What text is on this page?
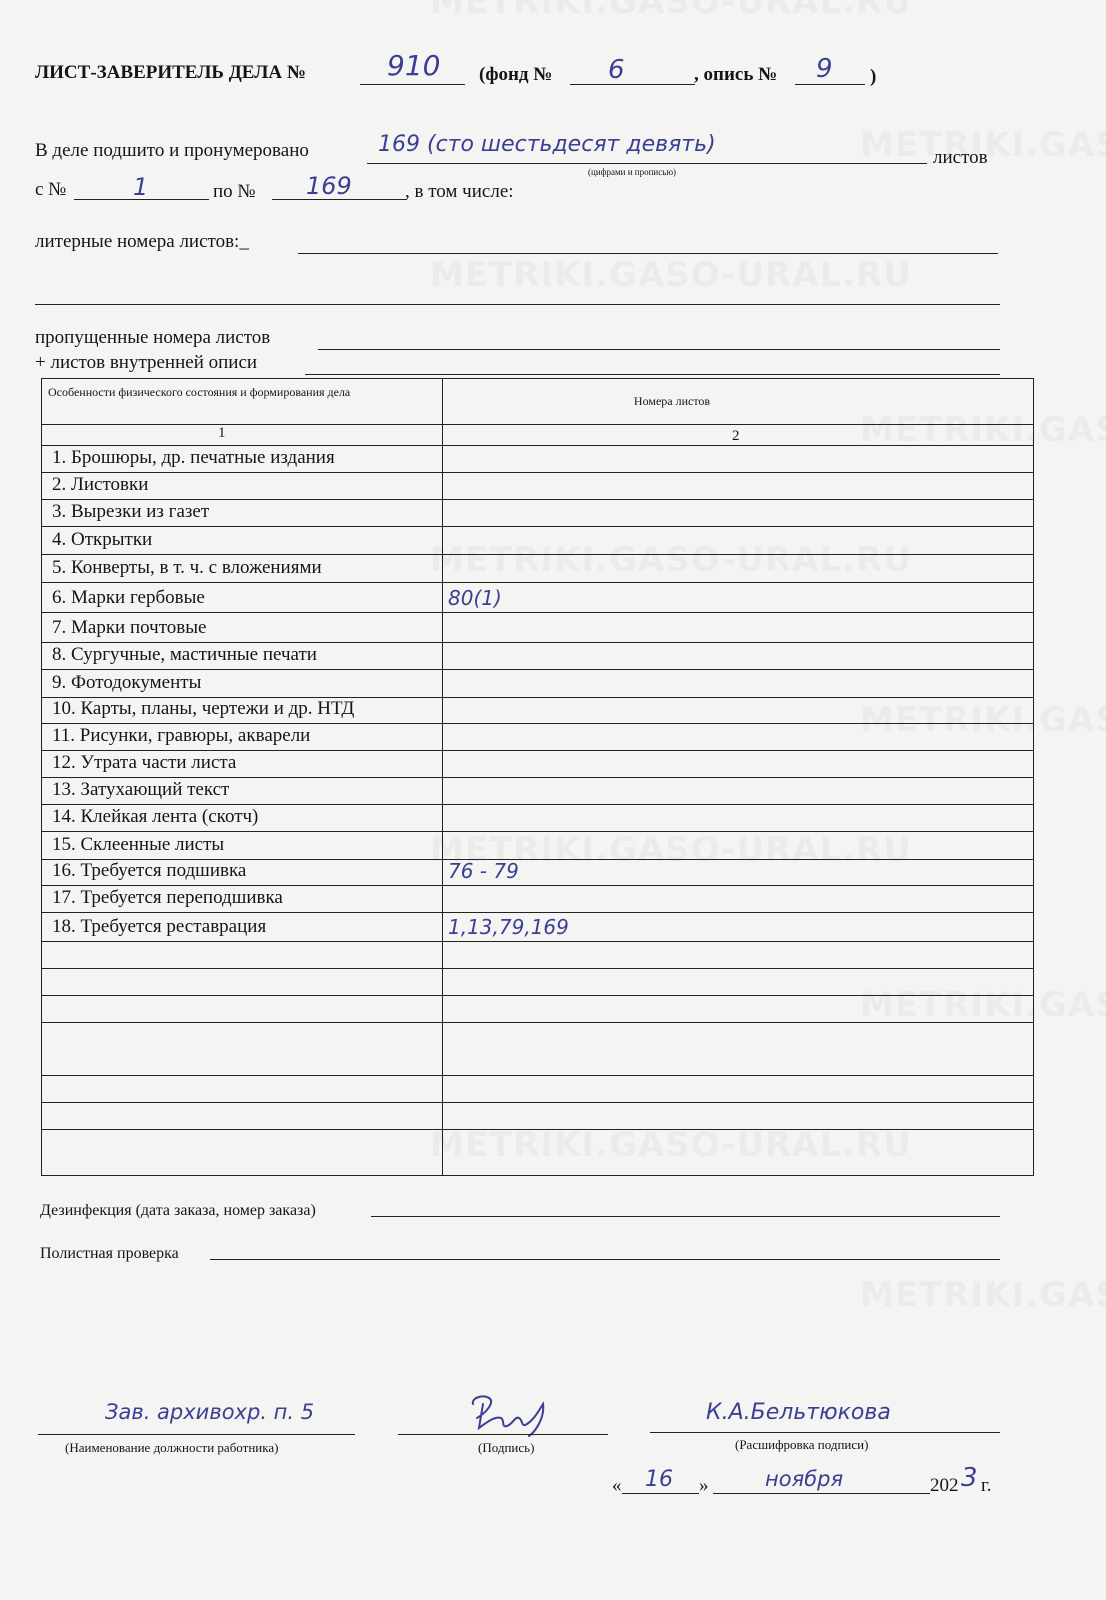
ЛИСТ-ЗАВЕРИТЕЛЬ ДЕЛА №	910 (фонд № 6	, опись № 9 )
В деле подшито и пронумеровано	169 (сто шестьдесят девять)
листов
(цифрами и прописью)
с №	1	по № 169	, в том числе:
литерные номера листов:_
пропущенные номера листов
+ листов внутренней описи
Особенности физического состояния и формирования дела
Номера листов
1	2
1. Брошюры, др. печатные издания
2. Листовки
3. Вырезки из газет
4. Открытки
5. Конверты, в т. ч. с вложениями
6. Марки гербовые	80(1)
7. Марки почтовые
8. Сургучные, мастичные печати
9. Фотодокументы
10. Карты, планы, чертежи и др. НТД
11. Рисунки, гравюры, акварели
12. Утрата части листа
13. Затухающий текст
14. Клейкая лента (скотч)
15. Склеенные листы
16. Требуется подшивка	76 - 79
17. Требуется переподшивка
18. Требуется реставрация	1,13,79,169
Дезинфекция (дата заказа, номер заказа)
Полистная проверка
Зав. архивохр. п. 5
(Наименование должности работника)	(Подпись)
К.А.Бельтюкова
(Расшифровка подписи)
« 16 »	ноября	202 3 г.
